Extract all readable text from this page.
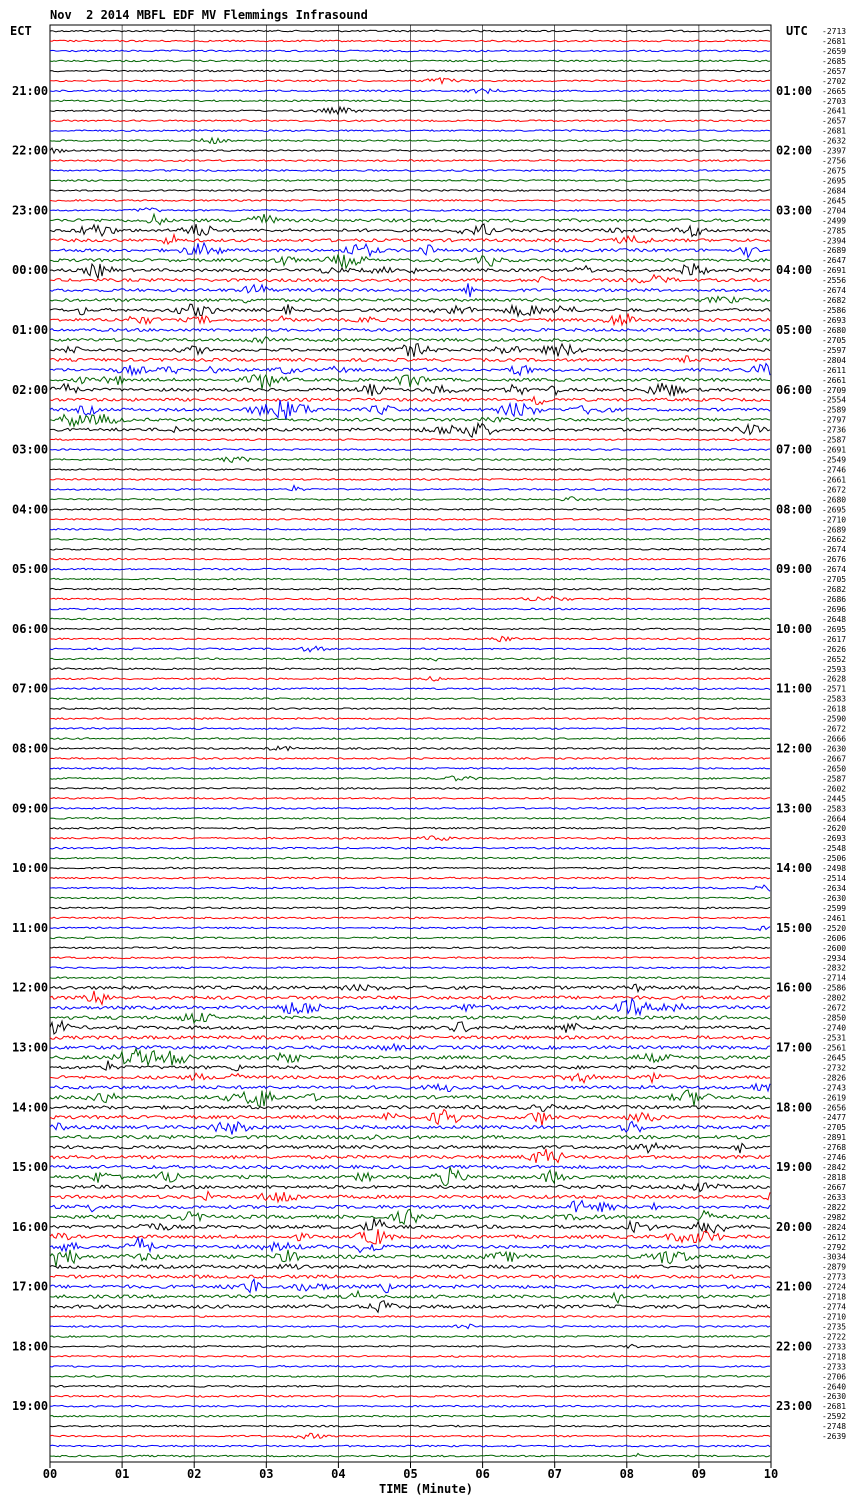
Nov  2 2014 MBFL EDF MV Flemmings Infrasound
ECT	UTC
TIME (Minute)
00	01	02	03	04	05	06	07	08	09	10
-2713
-2681
-2659
-2685
-2657
-2702
-2665
-2703
-2641
-2657
-2681
-2632
-2397
-2756
-2675
-2695
-2684
-2645
-2704
-2499
-2785
-2394
-2689
-2647
-2691
-2556
-2674
-2682
-2586
-2693
-2680
-2705
-2597
-2804
-2611
-2661
-2709
-2554
-2589
-2797
-2736
-2587
-2691
-2549
-2746
-2661
-2672
-2680
-2695
-2710
-2689
-2662
-2674
-2676
-2674
-2705
-2682
-2686
-2696
-2648
-2695
-2617
-2626
-2652
-2593
-2628
-2571
-2583
-2618
-2590
-2672
-2666
-2630
-2667
-2650
-2587
-2602
-2445
-2583
-2664
-2620
-2693
-2548
-2506
-2498
-2514
-2634
-2630
-2599
-2461
-2520
-2606
-2600
-2934
-2832
-2714
-2586
-2802
-2672
-2850
-2740
-2531
-2561
-2645
-2732
-2826
-2743
-2619
-2656
-2477
-2705
-2891
-2768
-2746
-2842
-2818
-2667
-2633
-2822
-2982
-2824
-2612
-2792
-3034
-2879
-2773
-2724
-2718
-2774
-2710
-2735
-2722
-2733
-2718
-2733
-2706
-2640
-2630
-2681
-2592
-2748
-2639
21:00	01:00
22:00	02:00
23:00	03:00
00:00	04:00
01:00	05:00
02:00	06:00
03:00	07:00
04:00	08:00
05:00	09:00
06:00	10:00
07:00	11:00
08:00	12:00
09:00	13:00
10:00	14:00
11:00	15:00
12:00	16:00
13:00	17:00
14:00	18:00
15:00	19:00
16:00	20:00
17:00	21:00
18:00	22:00
19:00	23:00
